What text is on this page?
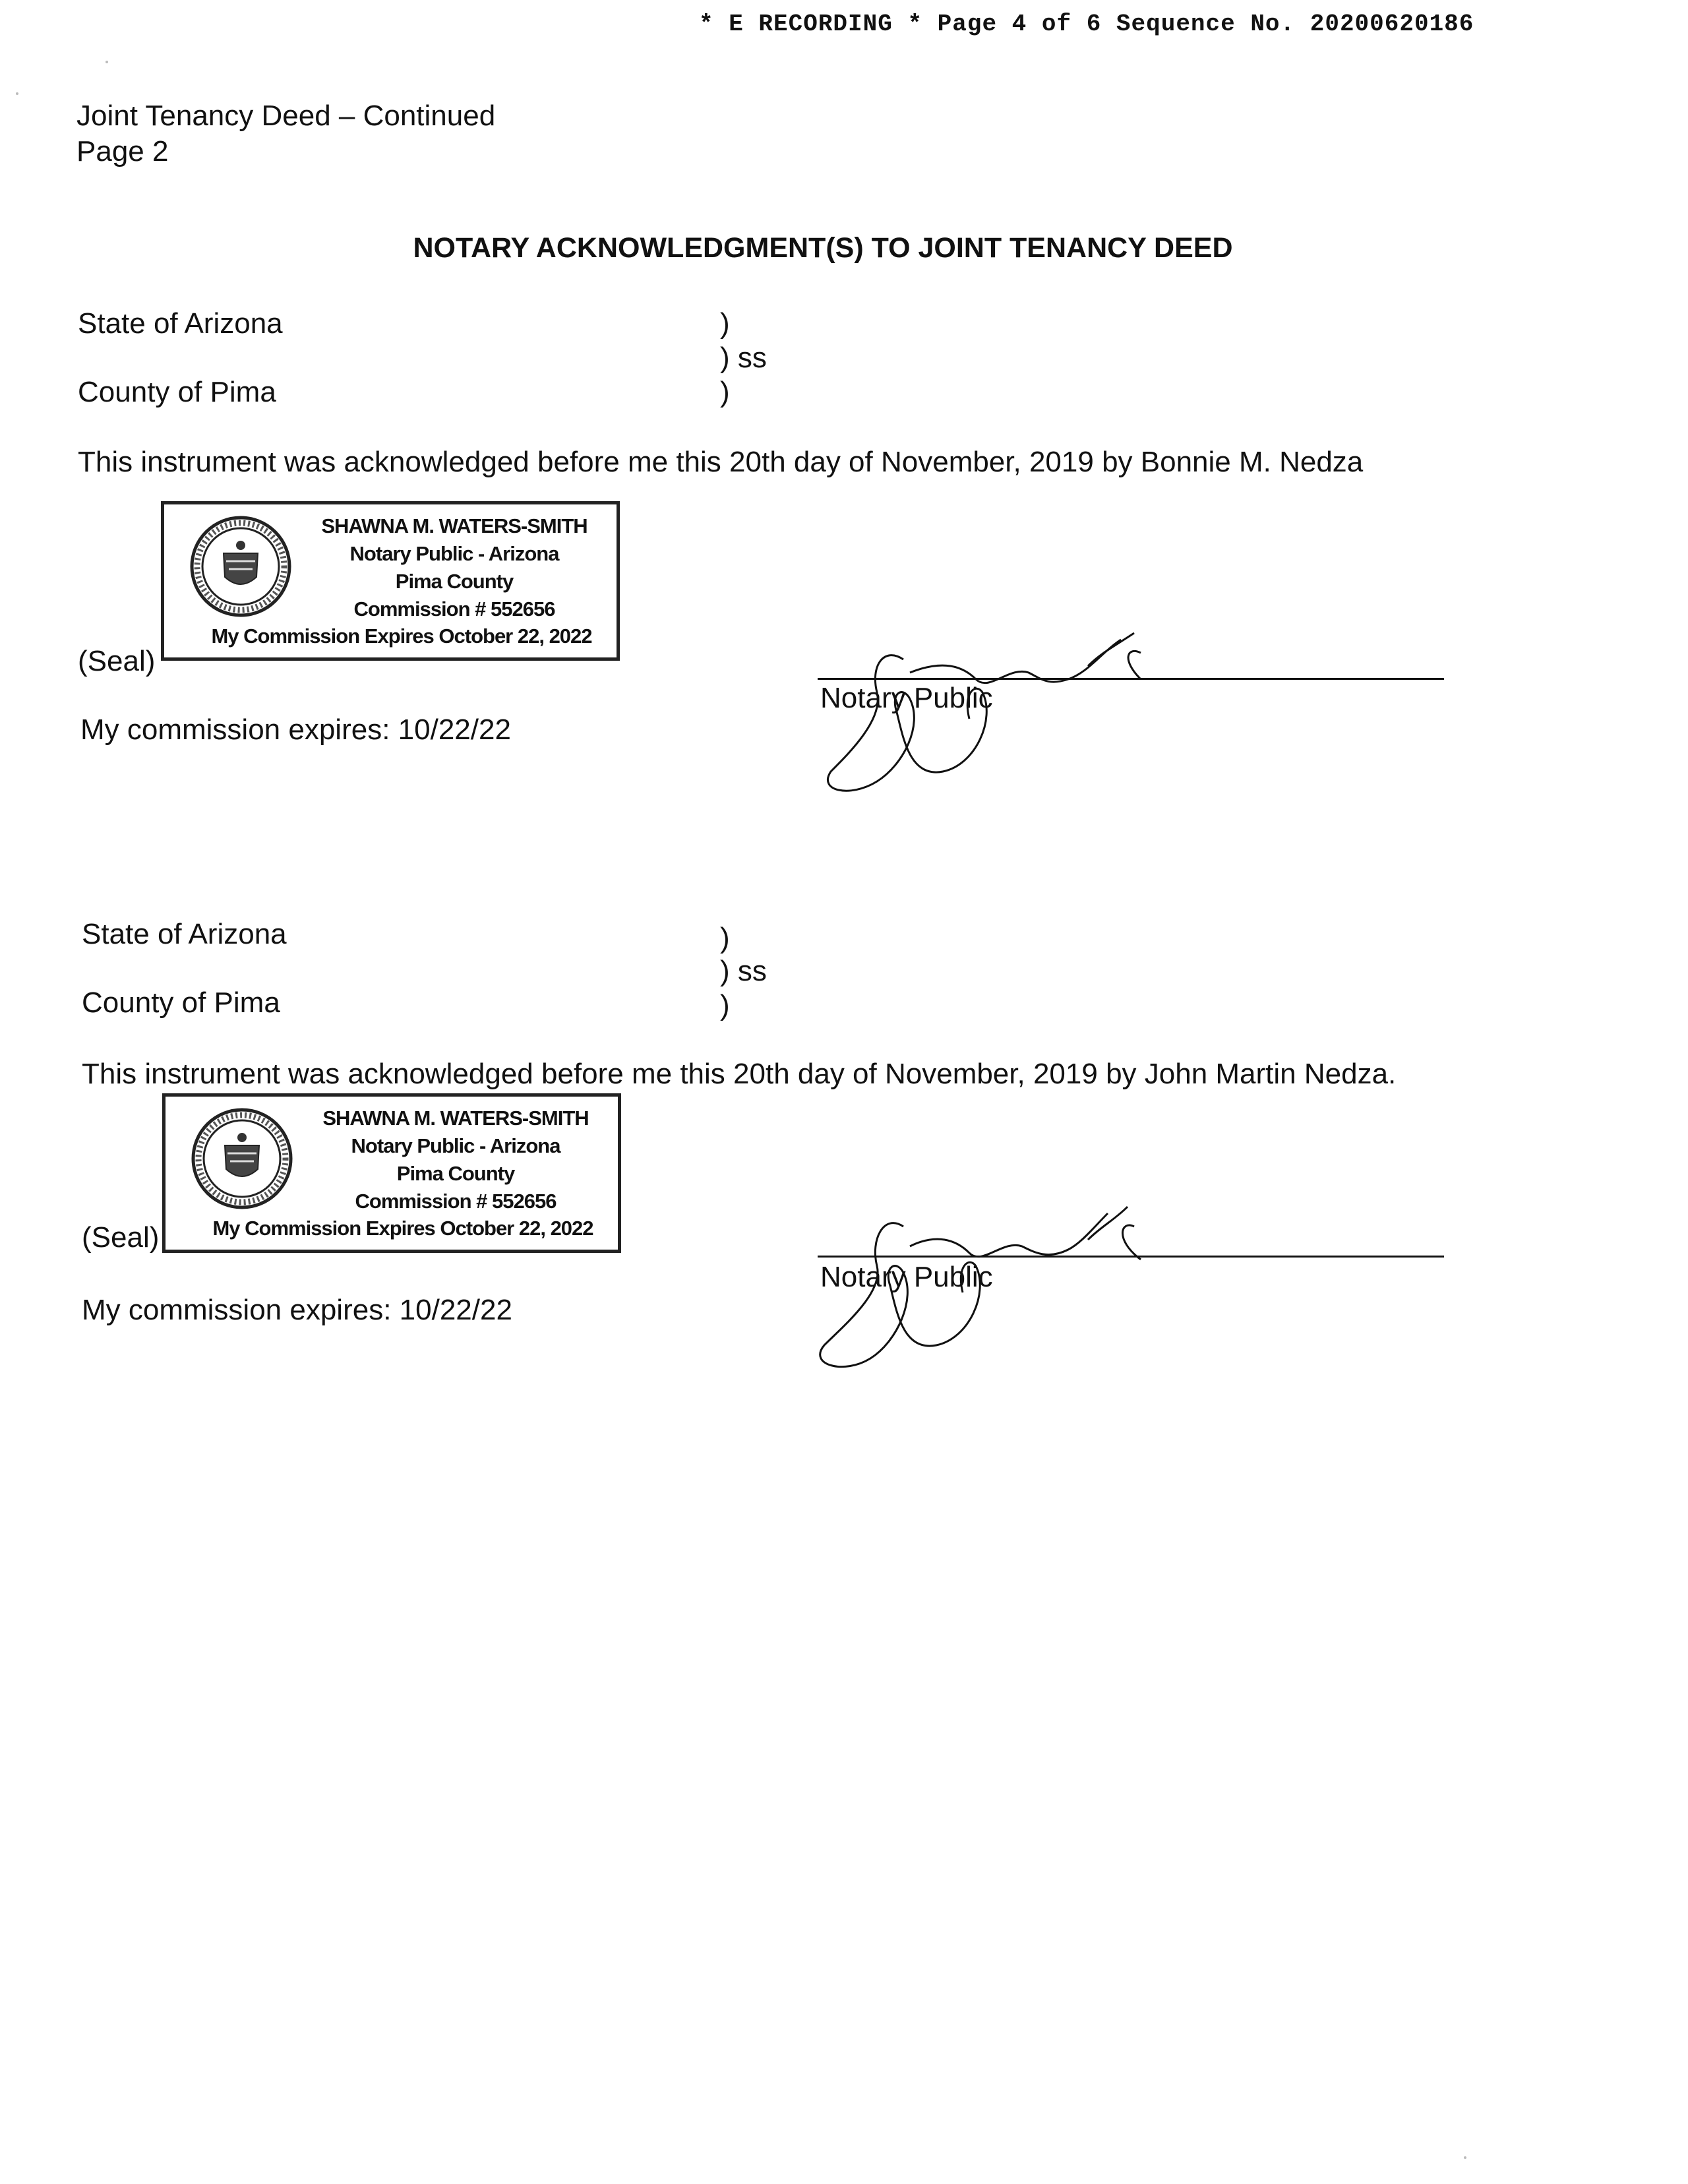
* E RECORDING * Page 4 of 6 Sequence No. 20200620186
Joint Tenancy Deed – Continued
Page 2
NOTARY ACKNOWLEDGMENT(S) TO JOINT TENANCY DEED
State of Arizona
County of Pima
)
) ss
)
This instrument was acknowledged before me this 20th day of November, 2019 by Bonnie M. Nedza
SHAWNA M. WATERS-SMITH
Notary Public - Arizona
Pima County
Commission # 552656
My Commission Expires October 22, 2022
(Seal)
Notary Public
My commission expires: 10/22/22
State of Arizona
County of Pima
)
) ss
)
This instrument was acknowledged before me this 20th day of November, 2019 by John Martin Nedza.
SHAWNA M. WATERS-SMITH
Notary Public - Arizona
Pima County
Commission # 552656
My Commission Expires October 22, 2022
(Seal)
Notary Public
My commission expires: 10/22/22
